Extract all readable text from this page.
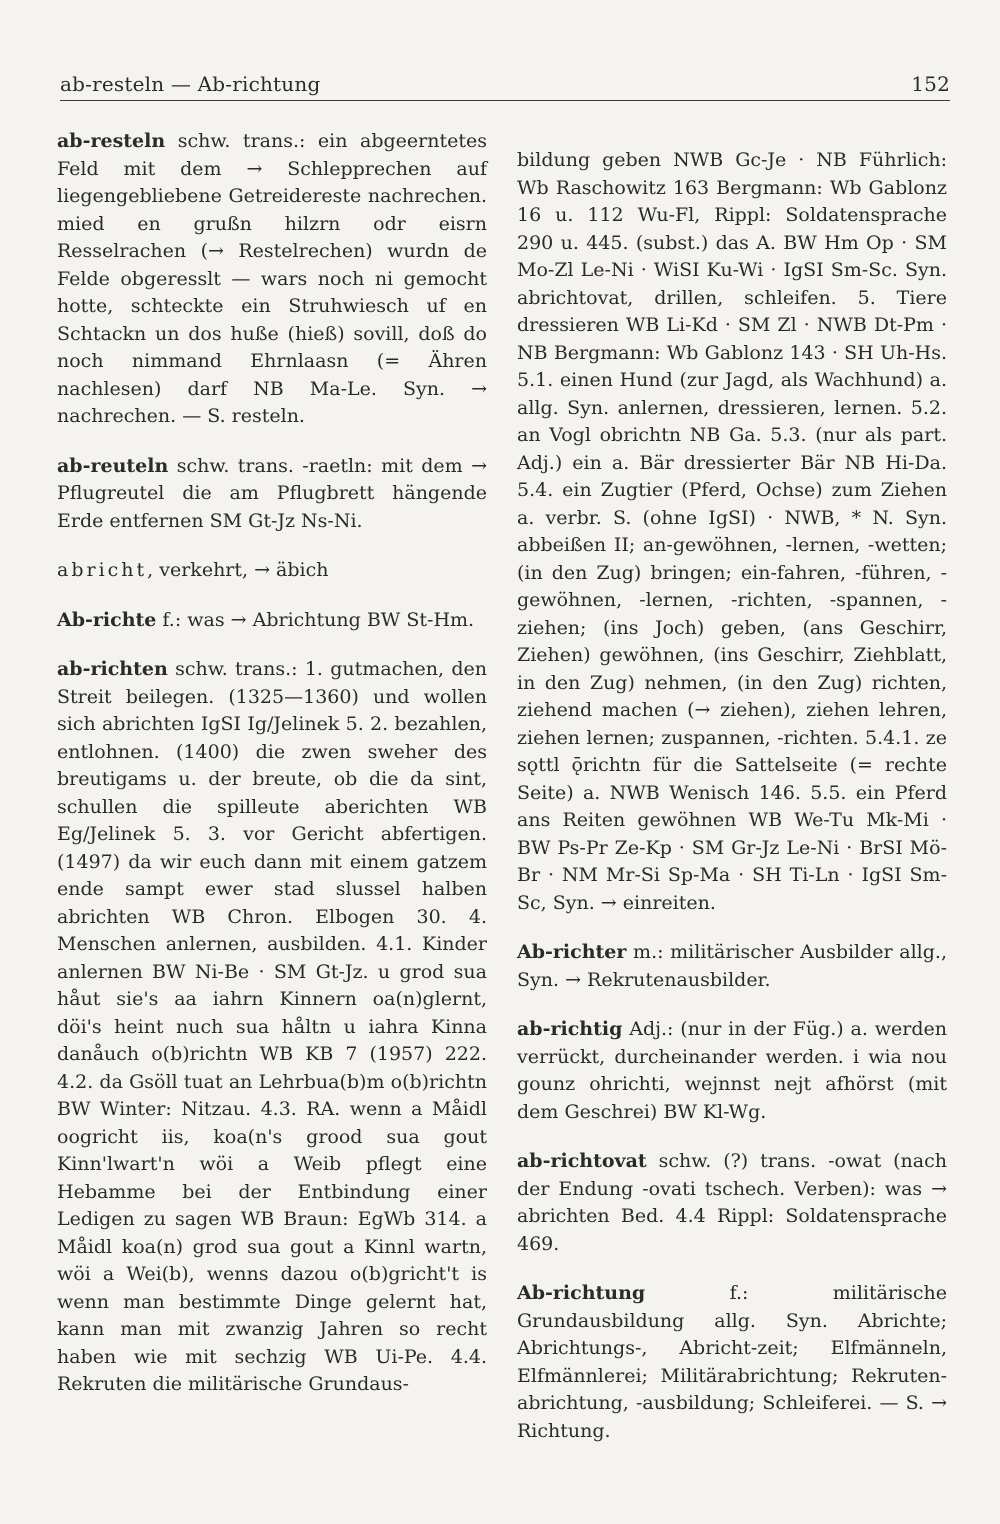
ab-resteln — Ab-richtung	152

ab-resteln schw. trans.: ein abgeerntetes Feld mit dem → Schlepprechen auf liegengebliebene Getreidereste nachrechen. mied en grußn hilzrn odr eisrn Resselrachen (→ Restelrechen) wurdn de Felde obgeresslt — wars noch ni gemocht hotte, schteckte ein Struhwiesch uf en Schtackn un dos huße (hieß) sovill, doß do noch nimmand Ehrnlaasn (= Ähren nachlesen) darf NB Ma-Le. Syn. → nachrechen. — S. resteln.

ab-reuteln schw. trans. -raetln: mit dem → Pflugreutel die am Pflugbrett hängende Erde entfernen SM Gt-Jz Ns-Ni.

abricht, verkehrt, → äbich

Ab-richte f.: was → Abrichtung BW St-Hm.

ab-richten schw. trans.: 1. gutmachen, den Streit beilegen. (1325—1360) und wollen sich abrichten IgSI Ig/Jelinek 5. 2. bezahlen, entlohnen. (1400) die zwen sweher des breutigams u. der breute, ob die da sint, schullen die spilleute aberichten WB Eg/Jelinek 5. 3. vor Gericht abfertigen. (1497) da wir euch dann mit einem gatzem ende sampt ewer stad slussel halben abrichten WB Chron. Elbogen 30. 4. Menschen anlernen, ausbilden. 4.1. Kinder anlernen BW Ni-Be · SM Gt-Jz. u grod sua håut sie's aa iahrn Kinnern oa(n)glernt, döi's heint nuch sua håltn u iahra Kinna danåuch o(b)richtn WB KB 7 (1957) 222. 4.2. da Gsöll tuat an Lehrbua(b)m o(b)richtn BW Winter: Nitzau. 4.3. RA. wenn a Måidl oogricht iis, koa(n's grood sua gout Kinn'lwart'n wöi a Weib pflegt eine Hebamme bei der Entbindung einer Ledigen zu sagen WB Braun: EgWb 314. a Måidl koa(n) grod sua gout a Kinnl wartn, wöi a Wei(b), wenns dazou o(b)gricht't is wenn man bestimmte Dinge gelernt hat, kann man mit zwanzig Jahren so recht haben wie mit sechzig WB Ui-Pe. 4.4. Rekruten die militärische Grundaus-

bildung geben NWB Gc-Je · NB Führlich: Wb Raschowitz 163 Bergmann: Wb Gablonz 16 u. 112 Wu-Fl, Rippl: Soldatensprache 290 u. 445. (subst.) das A. BW Hm Op · SM Mo-Zl Le-Ni · WiSI Ku-Wi · IgSI Sm-Sc. Syn. abrichtovat, drillen, schleifen. 5. Tiere dressieren WB Li-Kd · SM Zl · NWB Dt-Pm · NB Bergmann: Wb Gablonz 143 · SH Uh-Hs. 5.1. einen Hund (zur Jagd, als Wachhund) a. allg. Syn. anlernen, dressieren, lernen. 5.2. an Vogl obrichtn NB Ga. 5.3. (nur als part. Adj.) ein a. Bär dressierter Bär NB Hi-Da. 5.4. ein Zugtier (Pferd, Ochse) zum Ziehen a. verbr. S. (ohne IgSI) · NWB, * N. Syn. abbeißen II; an-gewöhnen, -lernen, -wetten; (in den Zug) bringen; ein-fahren, -führen, -gewöhnen, -lernen, -richten, -spannen, -ziehen; (ins Joch) geben, (ans Geschirr, Ziehen) gewöhnen, (ins Geschirr, Ziehblatt, in den Zug) nehmen, (in den Zug) richten, ziehend machen (→ ziehen), ziehen lehren, ziehen lernen; zuspannen, -richten. 5.4.1. ze sǫttl ǭrichtn für die Sattelseite (= rechte Seite) a. NWB Wenisch 146. 5.5. ein Pferd ans Reiten gewöhnen WB We-Tu Mk-Mi · BW Ps-Pr Ze-Kp · SM Gr-Jz Le-Ni · BrSI Mö-Br · NM Mr-Si Sp-Ma · SH Ti-Ln · IgSI Sm-Sc, Syn. → einreiten.

Ab-richter m.: militärischer Ausbilder allg., Syn. → Rekrutenausbilder.

ab-richtig Adj.: (nur in der Füg.) a. werden verrückt, durcheinander werden. i wia nou gounz ohrichti, wejnnst nejt afhörst (mit dem Geschrei) BW Kl-Wg.

ab-richtovat schw. (?) trans. -owat (nach der Endung -ovati tschech. Verben): was → abrichten Bed. 4.4 Rippl: Soldatensprache 469.

Ab-richtung f.: militärische Grundausbildung allg. Syn. Abrichte; Abrichtungs-, Abricht-zeit; Elfmänneln, Elfmännlerei; Militärabrichtung; Rekruten-abrichtung, -ausbildung; Schleiferei. — S. → Richtung.
